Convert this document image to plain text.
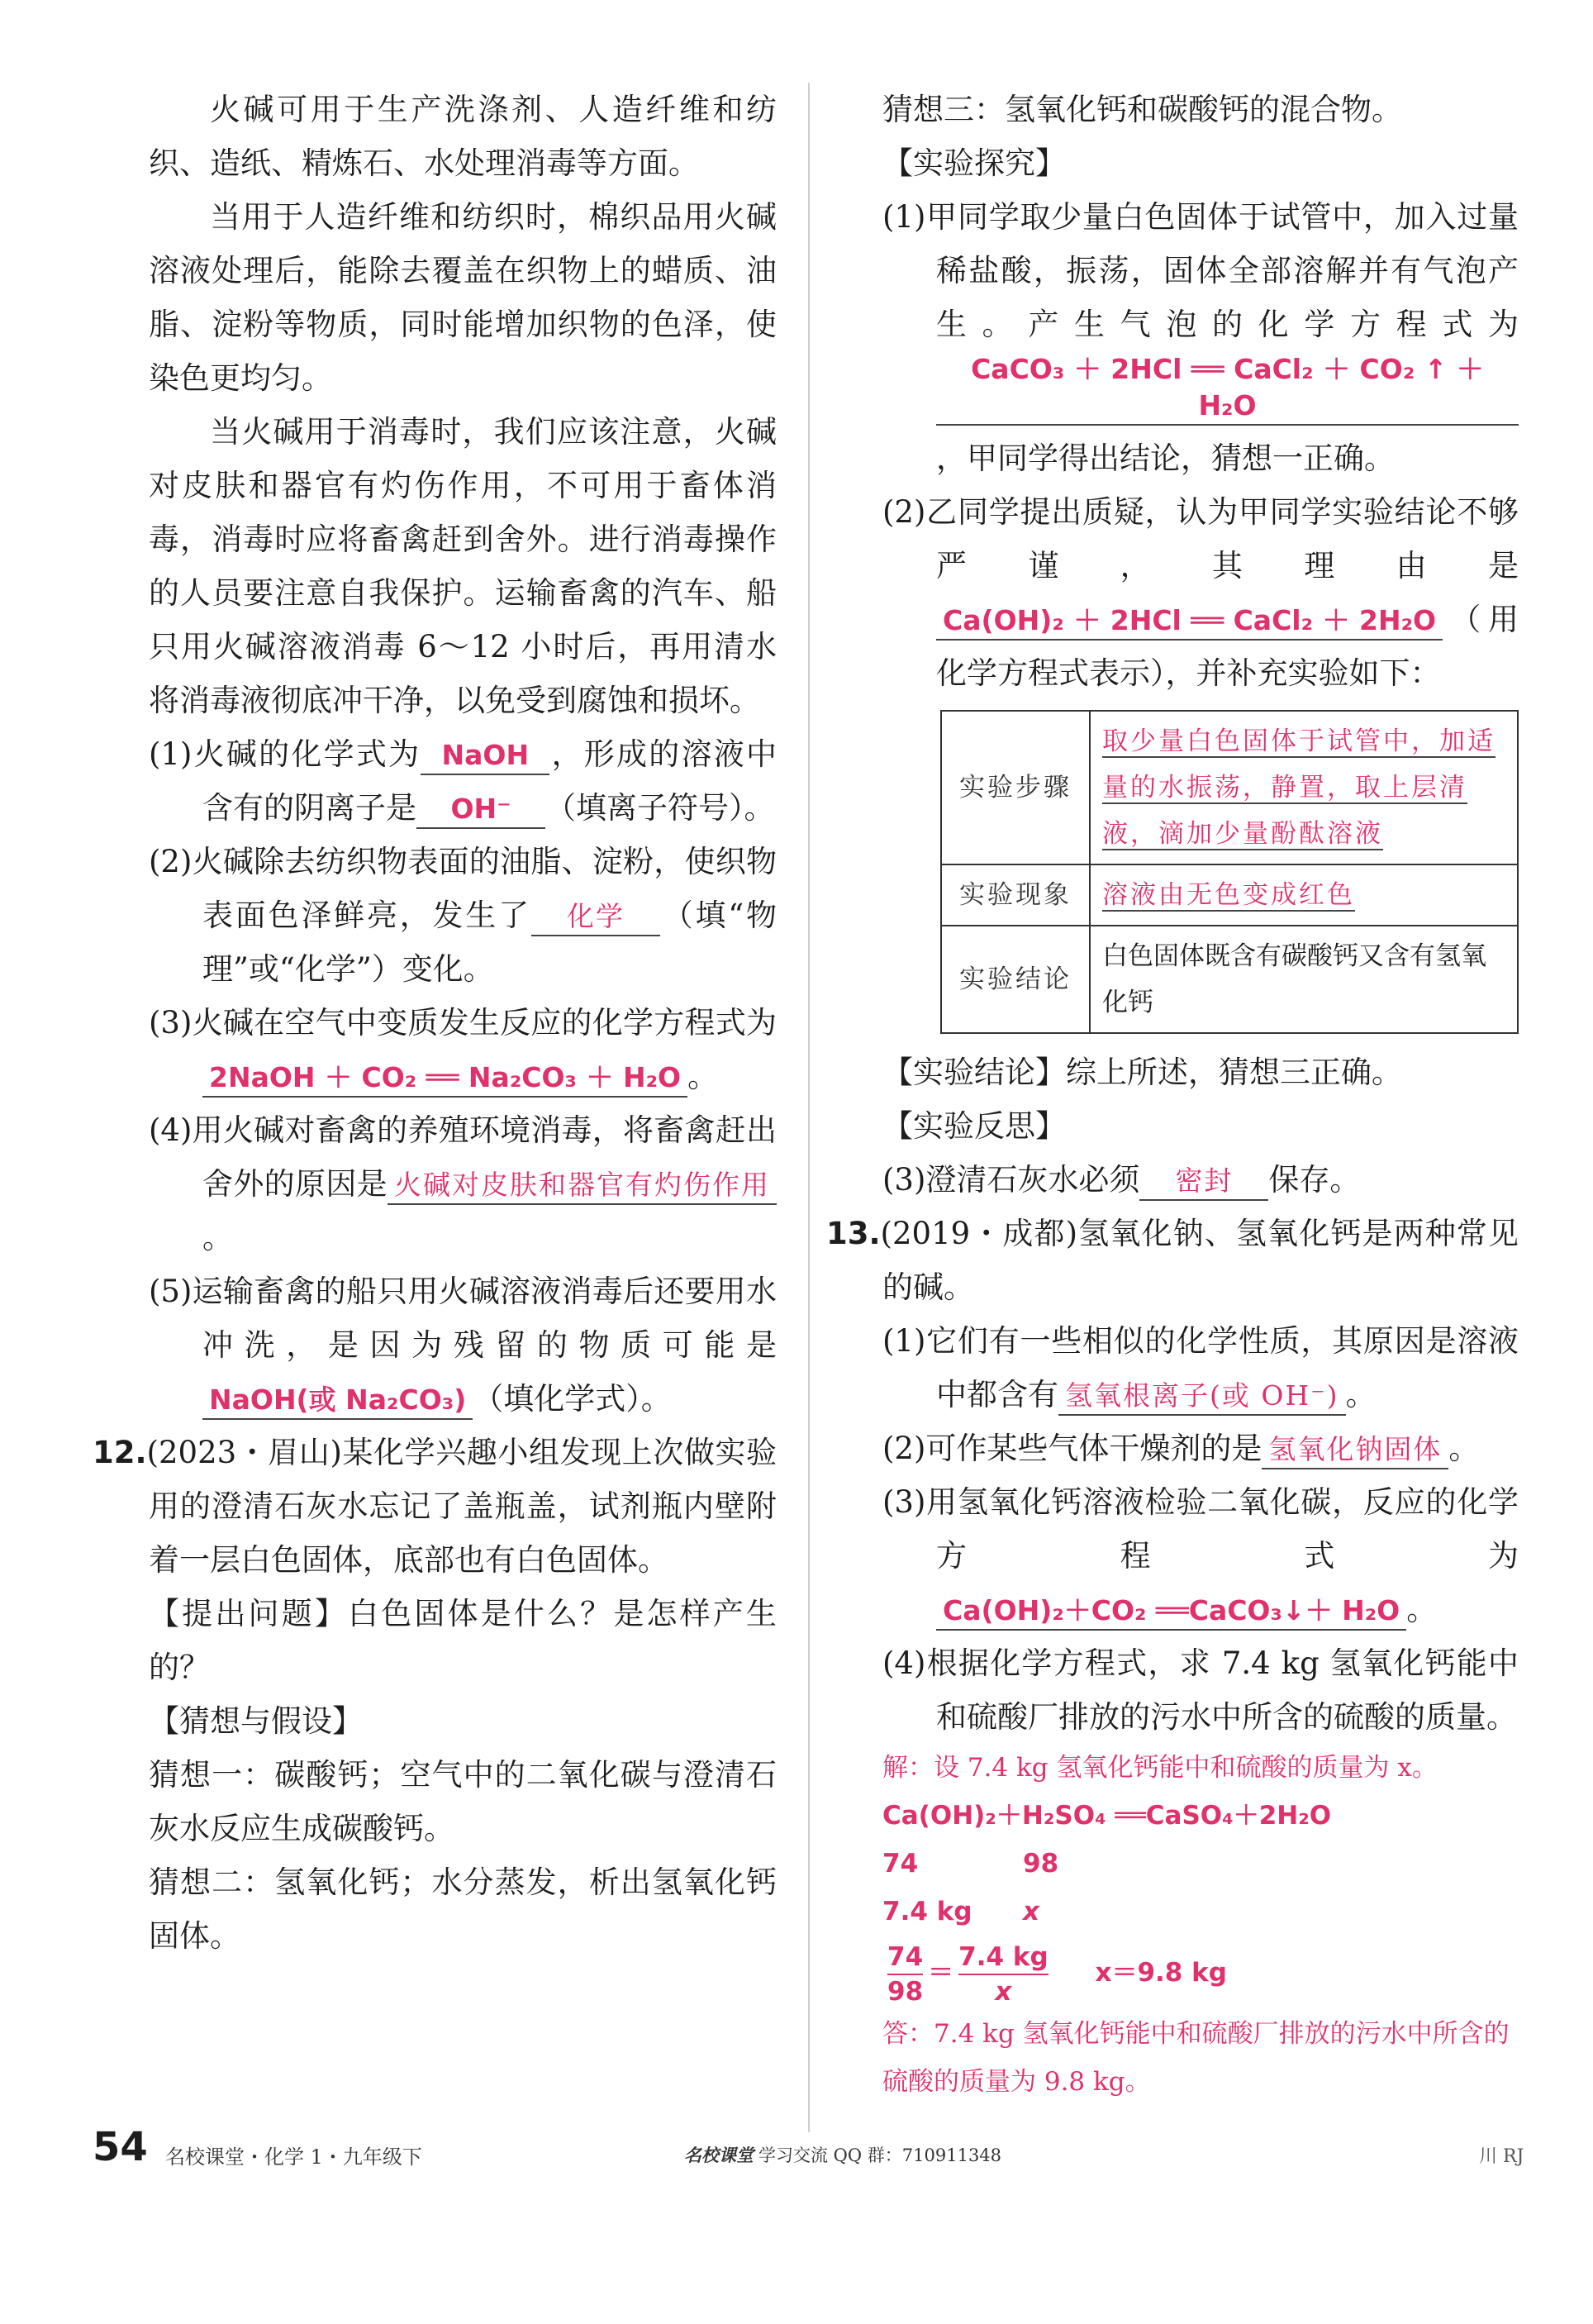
火碱可用于生产洗涤剂、人造纤维和纺织、造纸、精炼石、水处理消毒等方面。

当用于人造纤维和纺织时，棉织品用火碱溶液处理后，能除去覆盖在织物上的蜡质、油脂、淀粉等物质，同时能增加织物的色泽，使染色更均匀。

当火碱用于消毒时，我们应该注意，火碱对皮肤和器官有灼伤作用，不可用于畜体消毒，消毒时应将畜禽赶到舍外。进行消毒操作的人员要注意自我保护。运输畜禽的汽车、船只用火碱溶液消毒 6～12 小时后，再用清水将消毒液彻底冲干净，以免受到腐蚀和损坏。

(1)火碱的化学式为 NaOH ，形成的溶液中含有的阴离子是 OH⁻ （填离子符号）。

(2)火碱除去纺织物表面的油脂、淀粉，使织物表面色泽鲜亮，发生了 化学 （填“物理”或“化学”）变化。

(3)火碱在空气中变质发生反应的化学方程式为2NaOH ＋ CO₂ ══ Na₂CO₃ ＋ H₂O 。

(4)用火碱对畜禽的养殖环境消毒，将畜禽赶出舍外的原因是 火碱对皮肤和器官有灼伤作用。

(5)运输畜禽的船只用火碱溶液消毒后还要用水冲洗，是因为残留的物质可能是NaOH(或 Na₂CO₃) （填化学式）。

12.(2023・眉山)某化学兴趣小组发现上次做实验用的澄清石灰水忘记了盖瓶盖，试剂瓶内壁附着一层白色固体，底部也有白色固体。

【提出问题】白色固体是什么？是怎样产生的？

【猜想与假设】

猜想一：碳酸钙；空气中的二氧化碳与澄清石灰水反应生成碳酸钙。

猜想二：氢氧化钙；水分蒸发，析出氢氧化钙固体。

猜想三：氢氧化钙和碳酸钙的混合物。

【实验探究】

(1)甲同学取少量白色固体于试管中，加入过量稀盐酸，振荡，固体全部溶解并有气泡产生。产生气泡的化学方程式为CaCO₃ ＋ 2HCl ══ CaCl₂ ＋ CO₂ ↑ ＋ H₂O，甲同学得出结论，猜想一正确。

(2)乙同学提出质疑，认为甲同学实验结论不够严谨，其理由是Ca(OH)₂ ＋ 2HCl ══ CaCl₂ ＋ 2H₂O （用化学方程式表示），并补充实验如下：

实验步骤	取少量白色固体于试管中，加适量的水振荡，静置，取上层清液，滴加少量酚酞溶液
实验现象	溶液由无色变成红色
实验结论	白色固体既含有碳酸钙又含有氢氧化钙

【实验结论】综上所述，猜想三正确。

【实验反思】

(3)澄清石灰水必须 密封 保存。

13.(2019・成都)氢氧化钠、氢氧化钙是两种常见的碱。

(1)它们有一些相似的化学性质，其原因是溶液中都含有 氢氧根离子(或 OH⁻) 。

(2)可作某些气体干燥剂的是 氢氧化钠固体 。

(3)用氢氧化钙溶液检验二氧化碳，反应的化学方程式为Ca(OH)₂＋CO₂ ══CaCO₃↓＋ H₂O 。

(4)根据化学方程式，求 7.4 kg 氢氧化钙能中和硫酸厂排放的污水中所含的硫酸的质量。

解：设 7.4 kg 氢氧化钙能中和硫酸的质量为 x。

Ca(OH)₂＋H₂SO₄ ══CaSO₄＋2H₂O

74	98

7.4 kg x

$\frac{74}{98} = \frac{7.4 kg}{x} x=9.8$ kg

答：7.4 kg 氢氧化钙能中和硫酸厂排放的污水中所含的硫酸的质量为 9.8 kg。

54 名校课堂・化学 1・九年级下	名校课堂 学习交流 QQ 群：710911348	川 RJ
